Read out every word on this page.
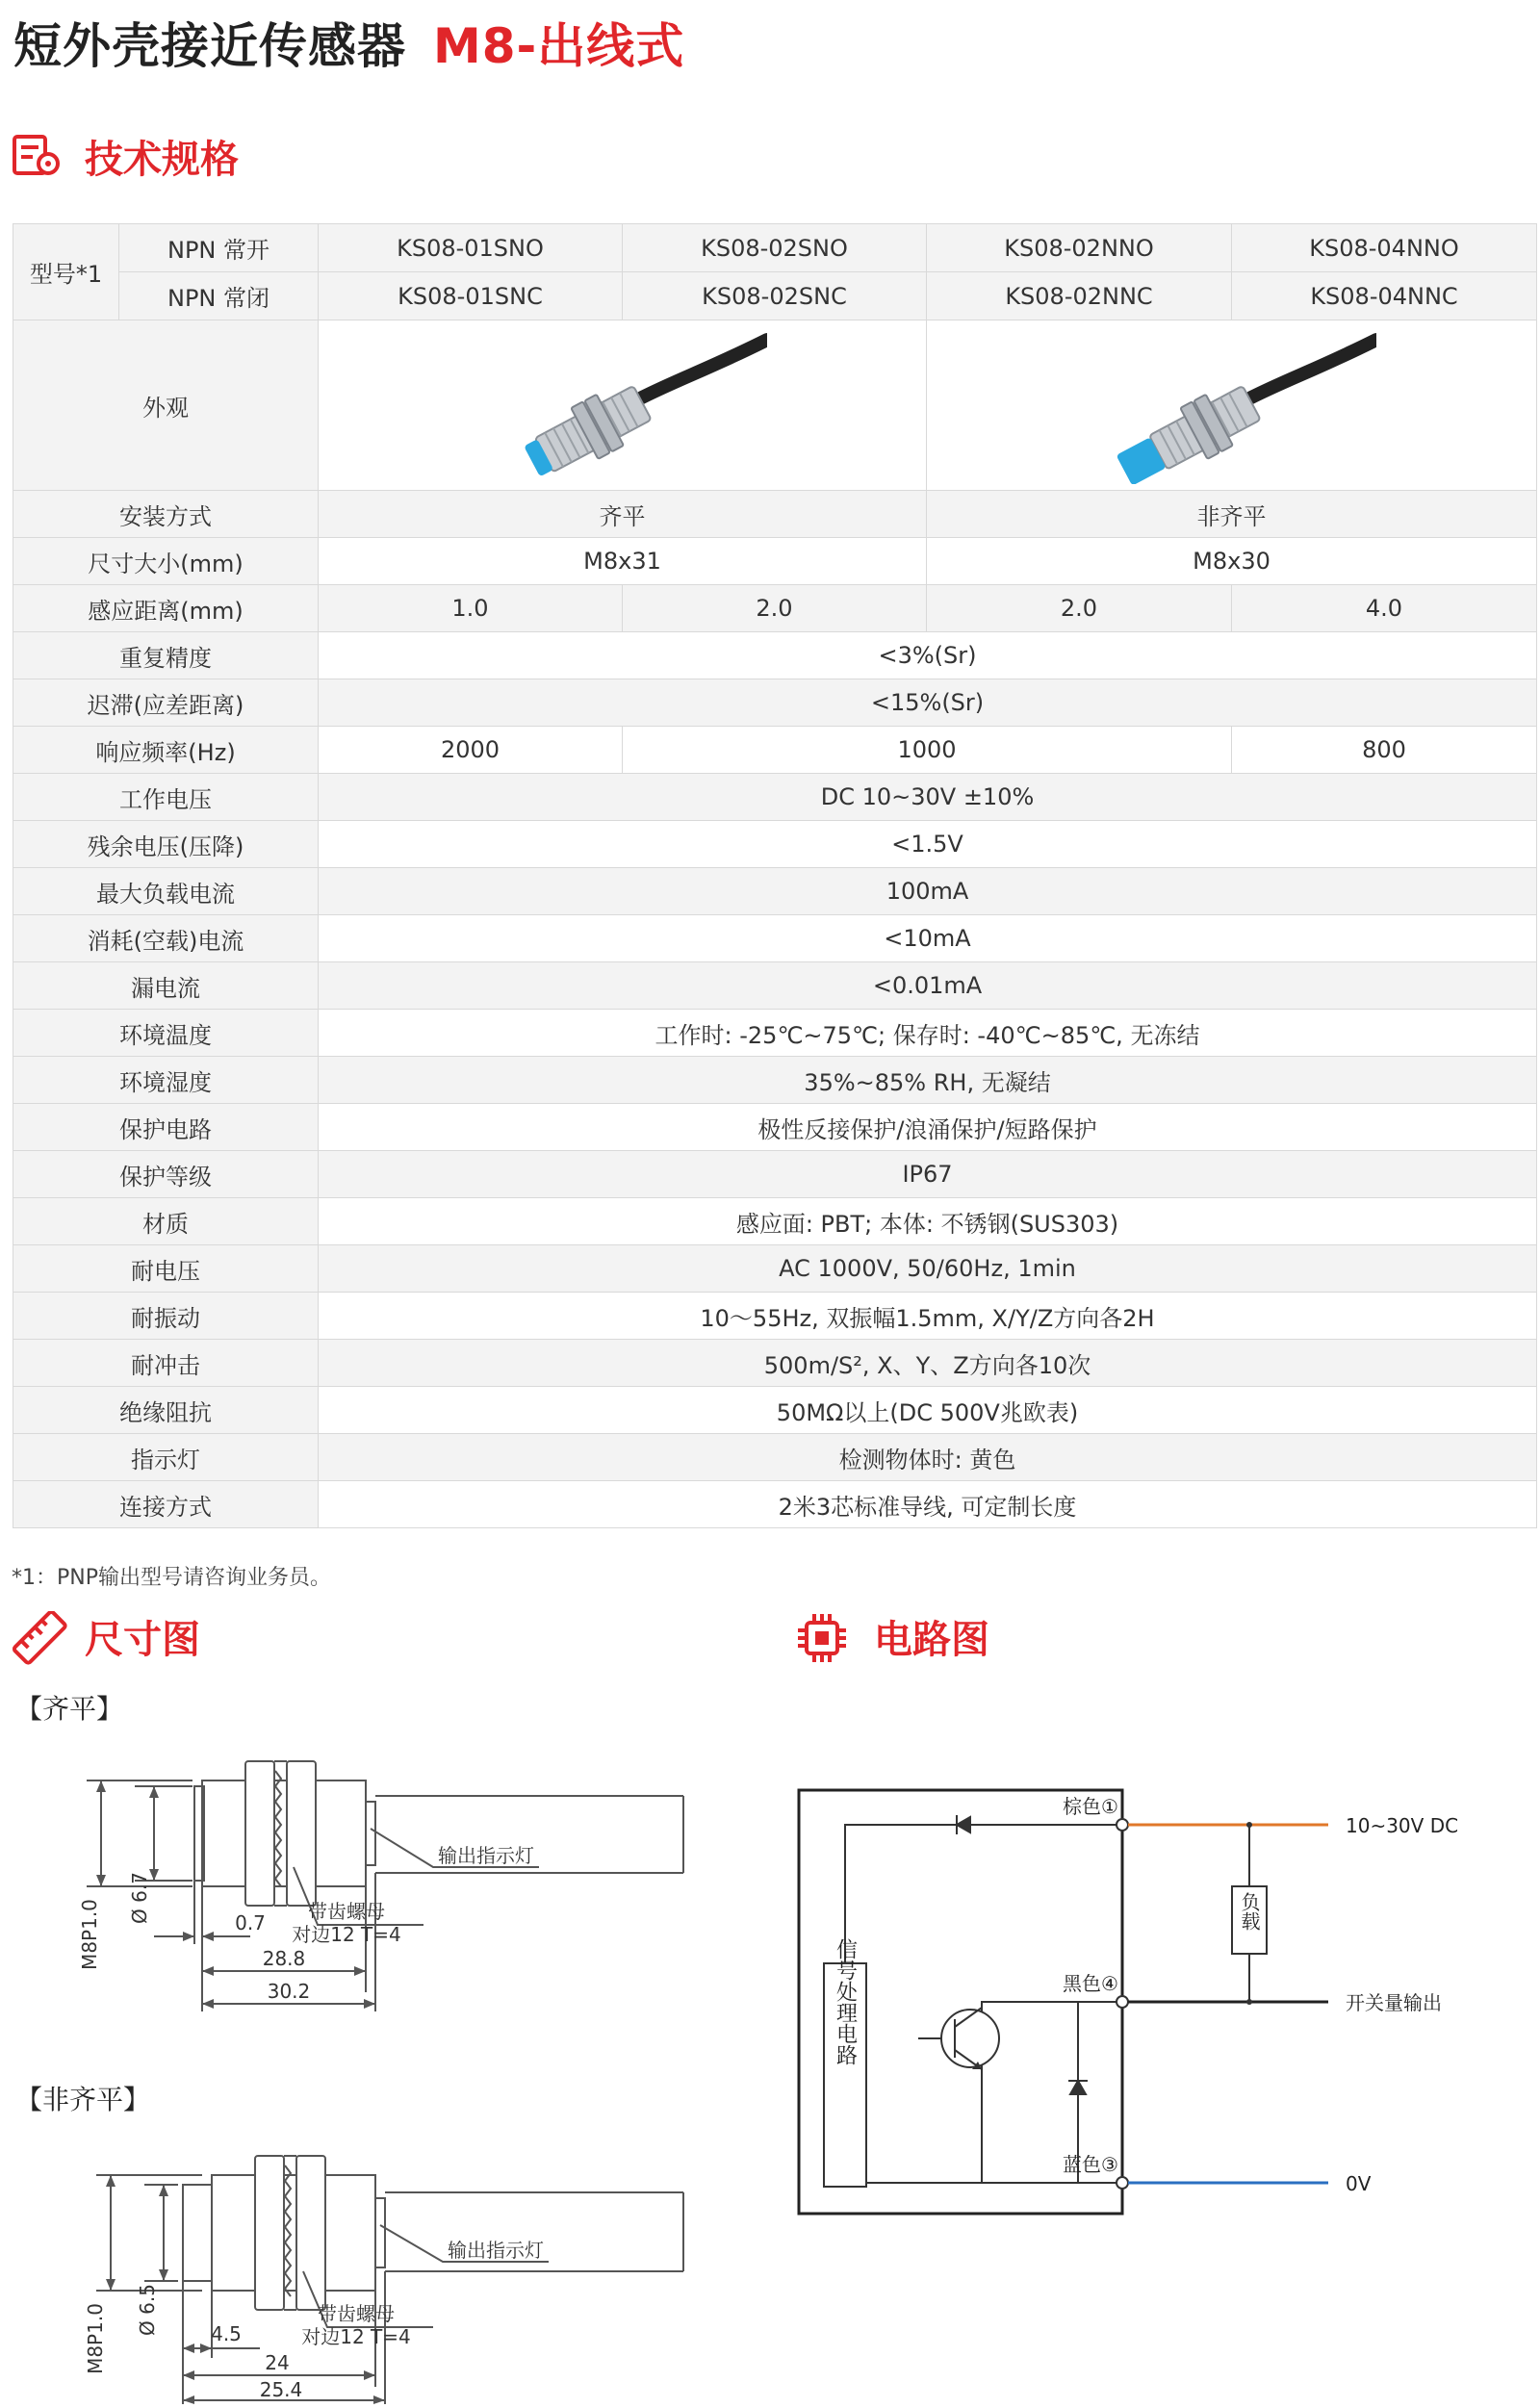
短外壳接近传感器 M8-出线式
技术规格
型号*1	NPN 常开	KS08-01SNO	KS08-02SNO	KS08-02NNO	KS08-04NNO
	NPN 常闭	KS08-01SNC	KS08-02SNC	KS08-02NNC	KS08-04NNC
外观		
安装方式		齐平		非齐平	
尺寸大小(mm)		M8x31		M8x30	
感应距离(mm)		1.0	2.0	2.0	4.0
重复精度		<3%(Sr)			
迟滞(应差距离)		<15%(Sr)			
响应频率(Hz)		2000	1000		800
工作电压		DC 10~30V ±10%			
残余电压(压降)		<1.5V			
最大负载电流		100mA			
消耗(空载)电流		<10mA			
漏电流		<0.01mA			
环境温度		工作时: -25℃~75℃; 保存时: -40℃~85℃, 无冻结			
环境湿度		35%~85% RH, 无凝结			
保护电路		极性反接保护/浪涌保护/短路保护			
保护等级		IP67			
材质		感应面: PBT; 本体: 不锈钢(SUS303)			
耐电压		AC 1000V, 50/60Hz, 1min			
耐振动		10～55Hz, 双振幅1.5mm, X/Y/Z方向各2H			
耐冲击		500m/S², X、Y、Z方向各10次			
绝缘阻抗		50MΩ以上(DC 500V兆欧表)			
指示灯		检测物体时: 黄色			
连接方式		2米3芯标准导线, 可定制长度			
*1：PNP输出型号请咨询业务员。
尺寸图	电路图
【齐平】
M8P1.0
Ø 6.7	0.7
28.8
30.2
带齿螺母
对边12 T=4
输出指示灯
【非齐平】
M8P1.0 Ø 6.5	4.5
24
25.4
带齿螺母
对边12 T=4
输出指示灯
信号处理电路
负载
棕色①
黑色④
蓝色③
10~30V DC
开关量输出
0V
